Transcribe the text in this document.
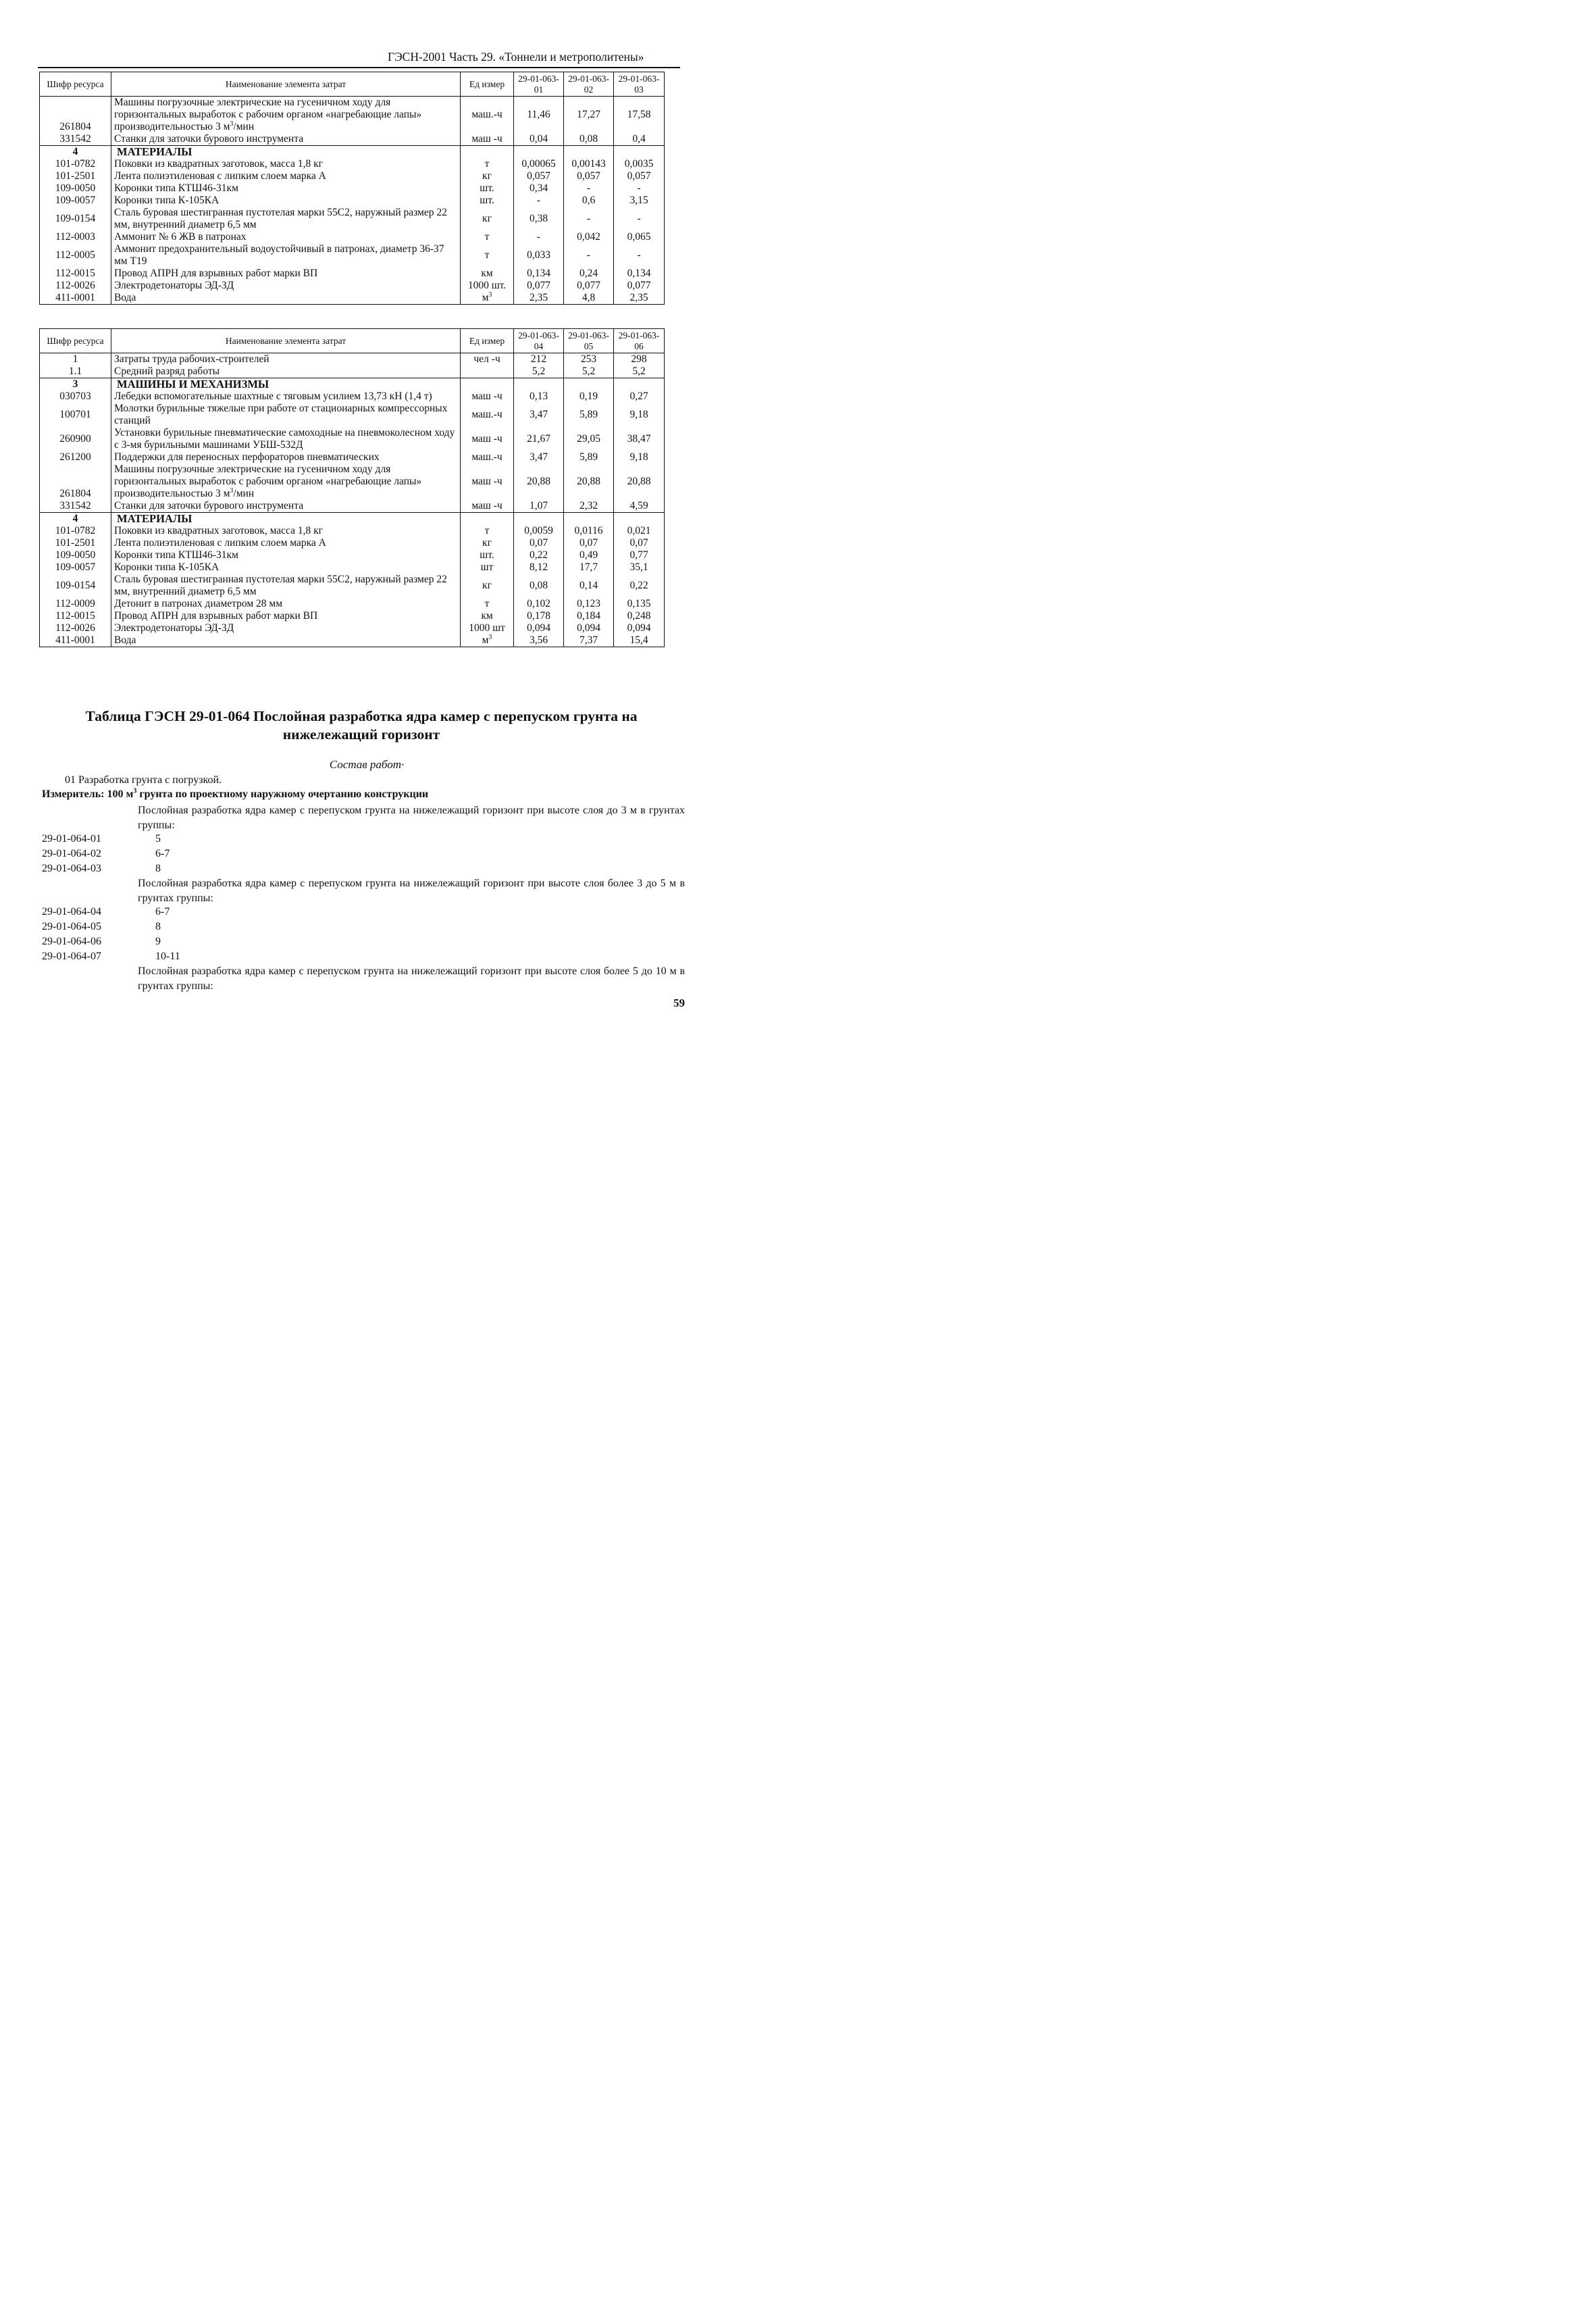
ГЭСН-2001 Часть 29. «Тоннели и метрополитены»
Шифр ресурса	Наименование элемента затрат	Ед измер	29-01-063-01	29-01-063-02	29-01-063-03
261804	Машины погрузочные электрические на гусеничном ходу для горизонтальных выработок с рабочим органом «нагребающие лапы» производительностью 3 $м^3$/мин	маш.-ч	11,46	17,27	17,58
331542	Станки для заточки бурового инструмента	маш -ч	0,04	0,08	0,4
4	МАТЕРИАЛЫ				
101-0782	Поковки из квадратных заготовок, масса 1,8 кг	т	0,00065	0,00143	0,0035
101-2501	Лента полиэтиленовая с липким слоем марка А	кг	0,057	0,057	0,057
109-0050	Коронки типа КТШ46-31км	шт.	0,34	-	-
109-0057	Коронки типа К-105КА	шт.	-	0,6	3,15
109-0154	Сталь буровая шестигранная пустотелая марки 55С2, наружный размер 22 мм, внутренний диаметр 6,5 мм	кг	0,38	-	-
112-0003	Аммонит № 6 ЖВ в патронах	т	-	0,042	0,065
112-0005	Аммонит предохранительный водоустойчивый в патронах, диаметр 36-37 мм Т19	т	0,033	-	-
112-0015	Провод АПРН для взрывных работ марки ВП	км	0,134	0,24	0,134
112-0026	Электродетонаторы ЭД-3Д	1000 шт.	0,077	0,077	0,077
411-0001	Вода	$м^3$	2,35	4,8	2,35
Шифр ресурса	Наименование элемента затрат	Ед измер	29-01-063-04	29-01-063-05	29-01-063-06
1	Затраты труда рабочих-строителей	чел -ч	212	253	298
1.1	Средний разряд работы		5,2	5,2	5,2
3	МАШИНЫ И МЕХАНИЗМЫ				
030703	Лебедки вспомогательные шахтные с тяговым усилием 13,73 кН (1,4 т)	маш -ч	0,13	0,19	0,27
100701	Молотки бурильные тяжелые при работе от стационарных компрессорных станций	маш.-ч	3,47	5,89	9,18
260900	Установки бурильные пневматические самоходные на пневмоколесном ходу с 3-мя бурильными машинами УБШ-532Д	маш -ч	21,67	29,05	38,47
261200	Поддержки для переносных перфораторов пневматических	маш.-ч	3,47	5,89	9,18
261804	Машины погрузочные электрические на гусеничном ходу для горизонтальных выработок с рабочим органом «нагребающие лапы» производительностью 3 $м^3$/мин	маш -ч	20,88	20,88	20,88
331542	Станки для заточки бурового инструмента	маш -ч	1,07	2,32	4,59
4	МАТЕРИАЛЫ				
101-0782	Поковки из квадратных заготовок, масса 1,8 кг	т	0,0059	0,0116	0,021
101-2501	Лента полиэтиленовая с липким слоем марка А	кг	0,07	0,07	0,07
109-0050	Коронки типа КТШ46-31км	шт.	0,22	0,49	0,77
109-0057	Коронки типа К-105КА	шт	8,12	17,7	35,1
109-0154	Сталь буровая шестигранная пустотелая марки 55С2, наружный размер 22 мм, внутренний диаметр 6,5 мм	кг	0,08	0,14	0,22
112-0009	Детонит в патронах диаметром 28 мм	т	0,102	0,123	0,135
112-0015	Провод АПРН для взрывных работ марки ВП	км	0,178	0,184	0,248
112-0026	Электродетонаторы ЭД-3Д	1000 шт	0,094	0,094	0,094
411-0001	Вода	$м^3$	3,56	7,37	15,4
Таблица ГЭСН 29-01-064 Послойная разработка ядра камер с перепуском грунта на нижележащий горизонт
Состав работ·
01 Разработка грунта с погрузкой.
Измеритель: 100 $м^3$ грунта по проектному наружному очертанию конструкции
Послойная разработка ядра камер с перепуском грунта на нижележащий горизонт при высоте слоя до 3 м в грунтах группы:
29-01-064-01	5
29-01-064-02	6-7
29-01-064-03	8
Послойная разработка ядра камер с перепуском грунта на нижележащий горизонт при высоте слоя более 3 до 5 м в грунтах группы:
29-01-064-04	6-7
29-01-064-05	8
29-01-064-06	9
29-01-064-07	10-11
Послойная разработка ядра камер с перепуском грунта на нижележащий горизонт при высоте слоя более 5 до 10 м в грунтах группы:
59
